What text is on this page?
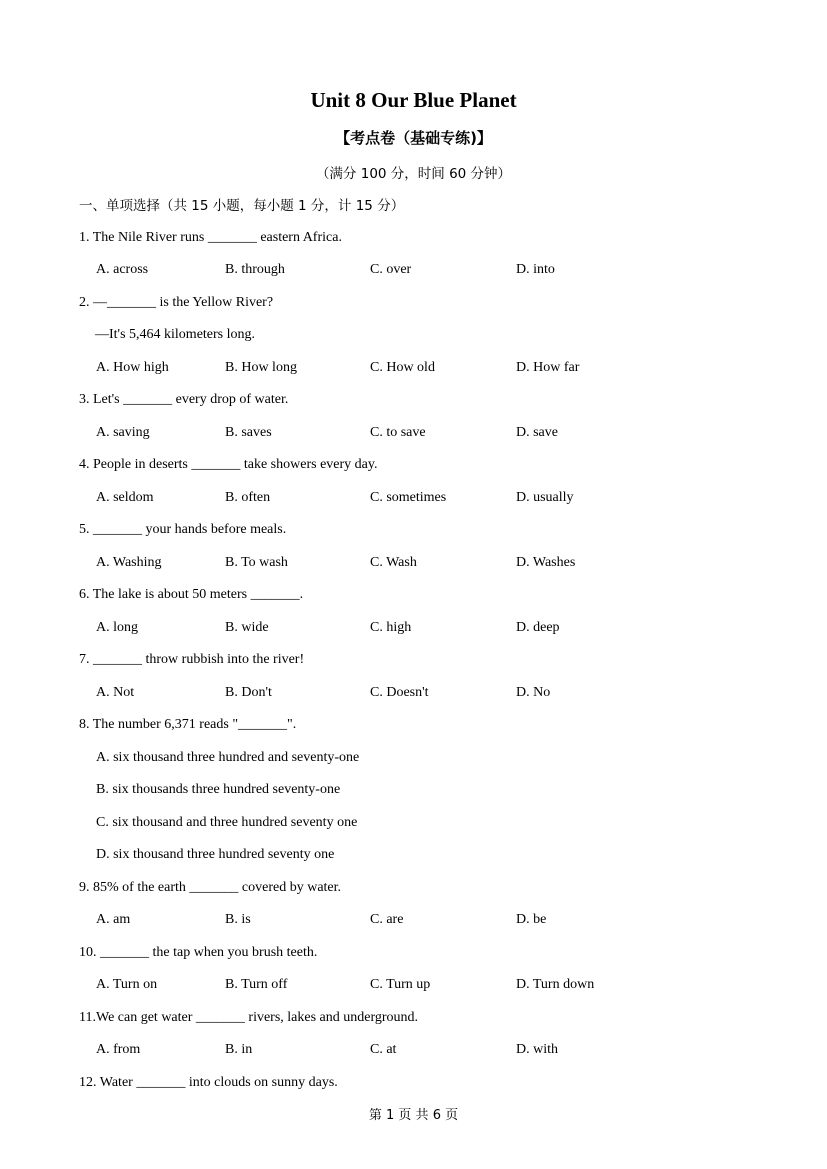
Unit 8 Our Blue Planet
【考点卷（基础专练)】
（满分 100 分，时间 60 分钟）
一、单项选择（共 15 小题，每小题 1 分，计 15 分）
1. The Nile River runs _______ eastern Africa.
A. across	B. through	C. over	D. into
2. —_______ is the Yellow River?
—It's 5,464 kilometers long.
A. How high	B. How long	C. How old	D. How far
3. Let's _______ every drop of water.
A. saving	B. saves	C. to save	D. save
4. People in deserts _______ take showers every day.
A. seldom	B. often	C. sometimes	D. usually
5. _______ your hands before meals.
A. Washing	B. To wash	C. Wash	D. Washes
6. The lake is about 50 meters _______.
A. long	B. wide	C. high	D. deep
7. _______ throw rubbish into the river!
A. Not	B. Don't	C. Doesn't	D. No
8. The number 6,371 reads "_______".
A. six thousand three hundred and seventy-one
B. six thousands three hundred seventy-one
C. six thousand and three hundred seventy one
D. six thousand three hundred seventy one
9. 85% of the earth _______ covered by water.
A. am	B. is	C. are	D. be
10. _______ the tap when you brush teeth.
A. Turn on	B. Turn off	C. Turn up	D. Turn down
11.We can get water _______ rivers, lakes and underground.
A. from	B. in	C. at	D. with
12. Water _______ into clouds on sunny days.
第 1 页 共 6 页
